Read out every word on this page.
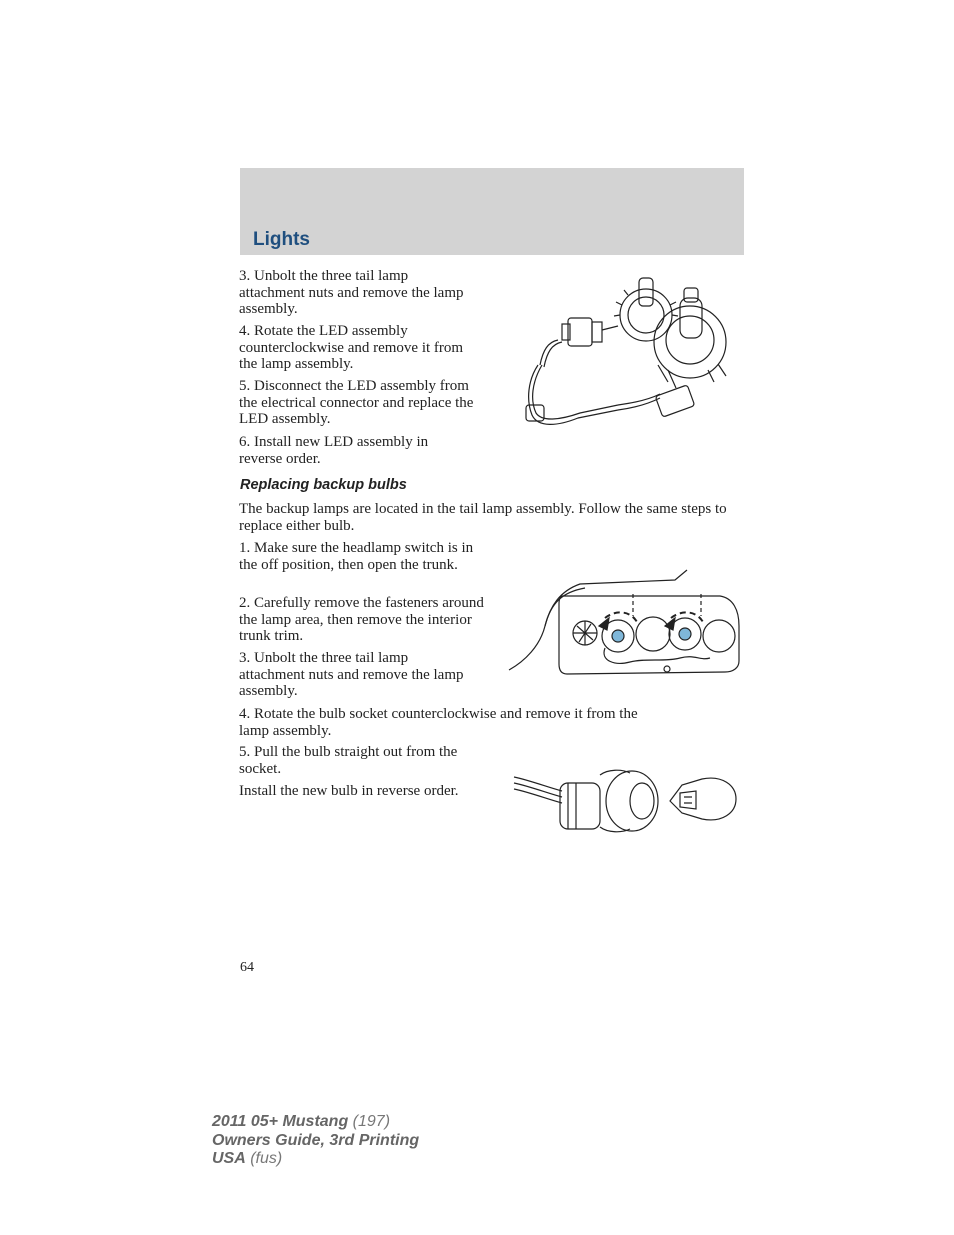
Lights
3. Unbolt the three tail lamp attachment nuts and remove the lamp assembly.
4. Rotate the LED assembly counterclockwise and remove it from the lamp assembly.
5. Disconnect the LED assembly from the electrical connector and replace the LED assembly.
6. Install new LED assembly in reverse order.
Replacing backup bulbs
The backup lamps are located in the tail lamp assembly. Follow the same steps to replace either bulb.
1. Make sure the headlamp switch is in the off position, then open the trunk.
2. Carefully remove the fasteners around the lamp area, then remove the interior trunk trim.
3. Unbolt the three tail lamp attachment nuts and remove the lamp assembly.
4. Rotate the bulb socket counterclockwise and remove it from the lamp assembly.
5. Pull the bulb straight out from the socket.
Install the new bulb in reverse order.
64
2011 05+ Mustang (197)
Owners Guide, 3rd Printing
USA (fus)
